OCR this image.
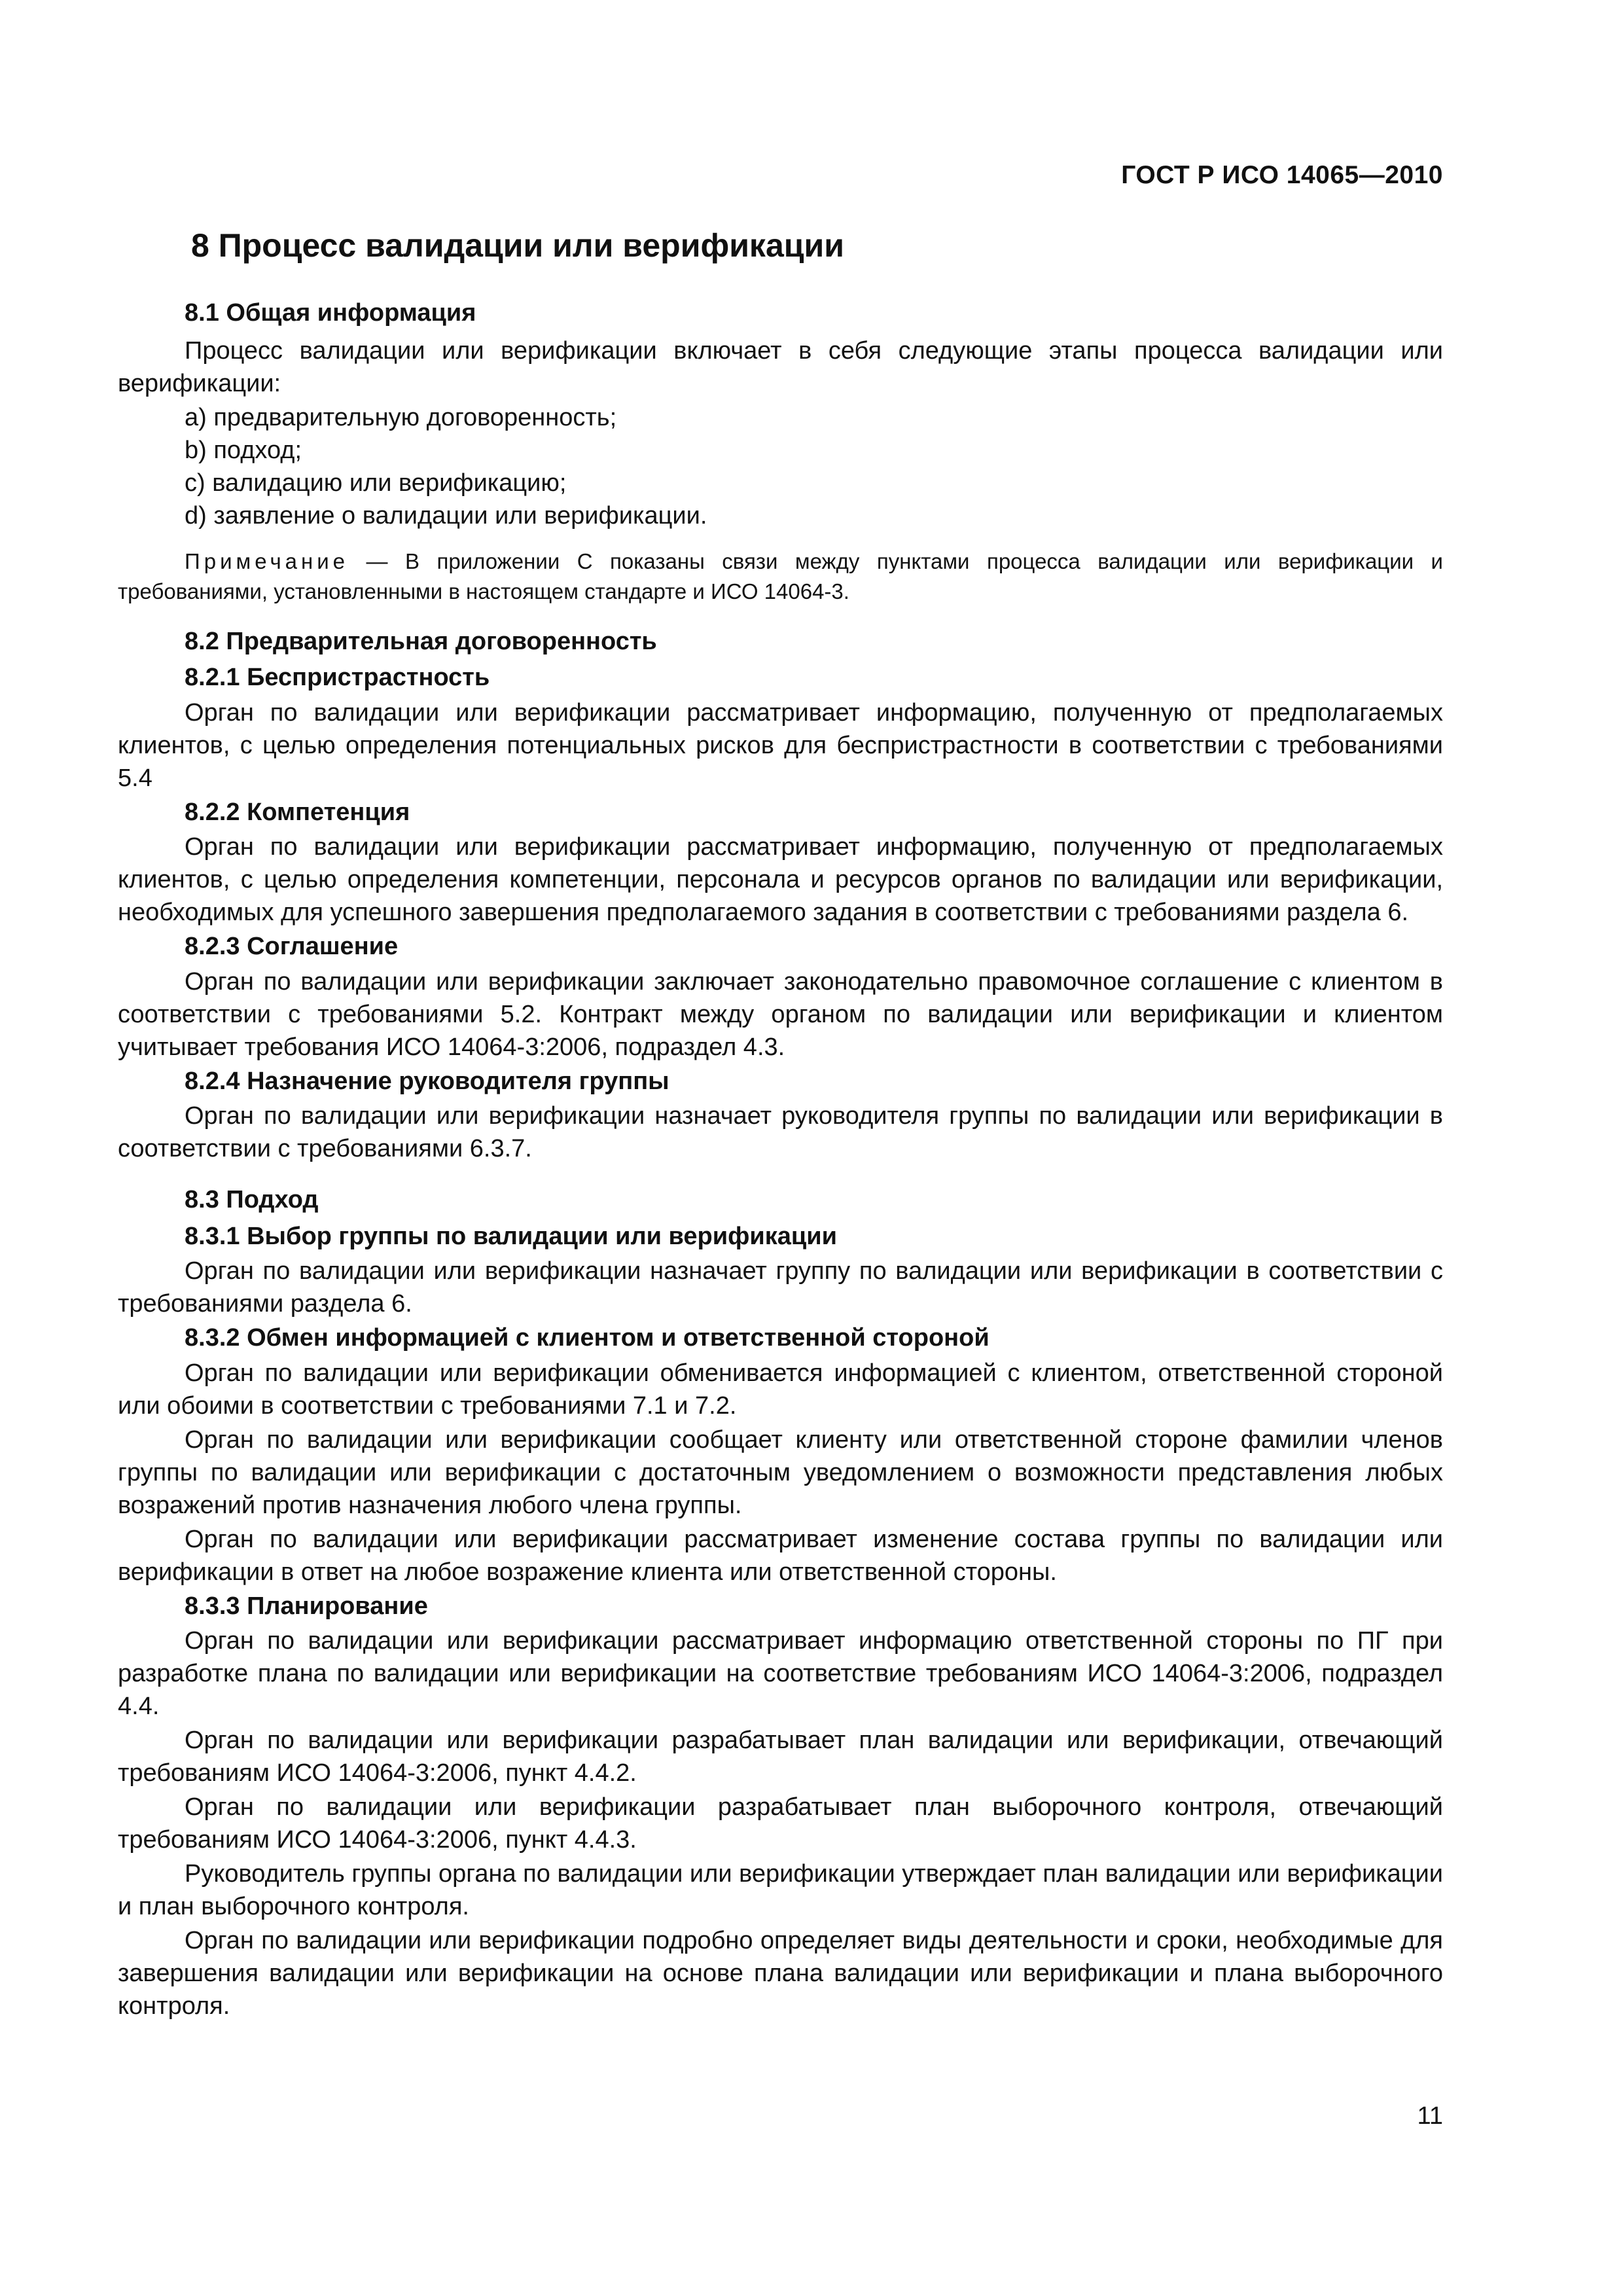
ГОСТ Р ИСО 14065—2010
8 Процесс валидации или верификации
8.1 Общая информация
Процесс валидации или верификации включает в себя следующие этапы процесса валидации или верификации:
a) предварительную договоренность;
b) подход;
c) валидацию или верификацию;
d) заявление о валидации или верификации.
Примечание — В приложении С показаны связи между пунктами процесса валидации или верификации и требованиями, установленными в настоящем стандарте и ИСО 14064-3.
8.2 Предварительная договоренность
8.2.1 Беспристрастность
Орган по валидации или верификации рассматривает информацию, полученную от предполагаемых клиентов, с целью определения потенциальных рисков для беспристрастности в соответствии с требованиями 5.4
8.2.2 Компетенция
Орган по валидации или верификации рассматривает информацию, полученную от предполагаемых клиентов, с целью определения компетенции, персонала и ресурсов органов по валидации или верификации, необходимых для успешного завершения предполагаемого задания в соответствии с требованиями раздела 6.
8.2.3 Соглашение
Орган по валидации или верификации заключает законодательно правомочное соглашение с клиентом в соответствии с требованиями 5.2. Контракт между органом по валидации или верификации и клиентом учитывает требования ИСО 14064-3:2006, подраздел 4.3.
8.2.4 Назначение руководителя группы
Орган по валидации или верификации назначает руководителя группы по валидации или верификации в соответствии с требованиями 6.3.7.
8.3 Подход
8.3.1 Выбор группы по валидации или верификации
Орган по валидации или верификации назначает группу по валидации или верификации в соответствии с требованиями раздела 6.
8.3.2 Обмен информацией с клиентом и ответственной стороной
Орган по валидации или верификации обменивается информацией с клиентом, ответственной стороной или обоими в соответствии с требованиями 7.1 и 7.2.
Орган по валидации или верификации сообщает клиенту или ответственной стороне фамилии членов группы по валидации или верификации с достаточным уведомлением о возможности представления любых возражений против назначения любого члена группы.
Орган по валидации или верификации рассматривает изменение состава группы по валидации или верификации в ответ на любое возражение клиента или ответственной стороны.
8.3.3 Планирование
Орган по валидации или верификации рассматривает информацию ответственной стороны по ПГ при разработке плана по валидации или верификации на соответствие требованиям ИСО 14064-3:2006, подраздел 4.4.
Орган по валидации или верификации разрабатывает план валидации или верификации, отвечающий требованиям ИСО 14064-3:2006, пункт 4.4.2.
Орган по валидации или верификации разрабатывает план выборочного контроля, отвечающий требованиям ИСО 14064-3:2006, пункт 4.4.3.
Руководитель группы органа по валидации или верификации утверждает план валидации или верификации и план выборочного контроля.
Орган по валидации или верификации подробно определяет виды деятельности и сроки, необходимые для завершения валидации или верификации на основе плана валидации или верификации и плана выборочного контроля.
11
